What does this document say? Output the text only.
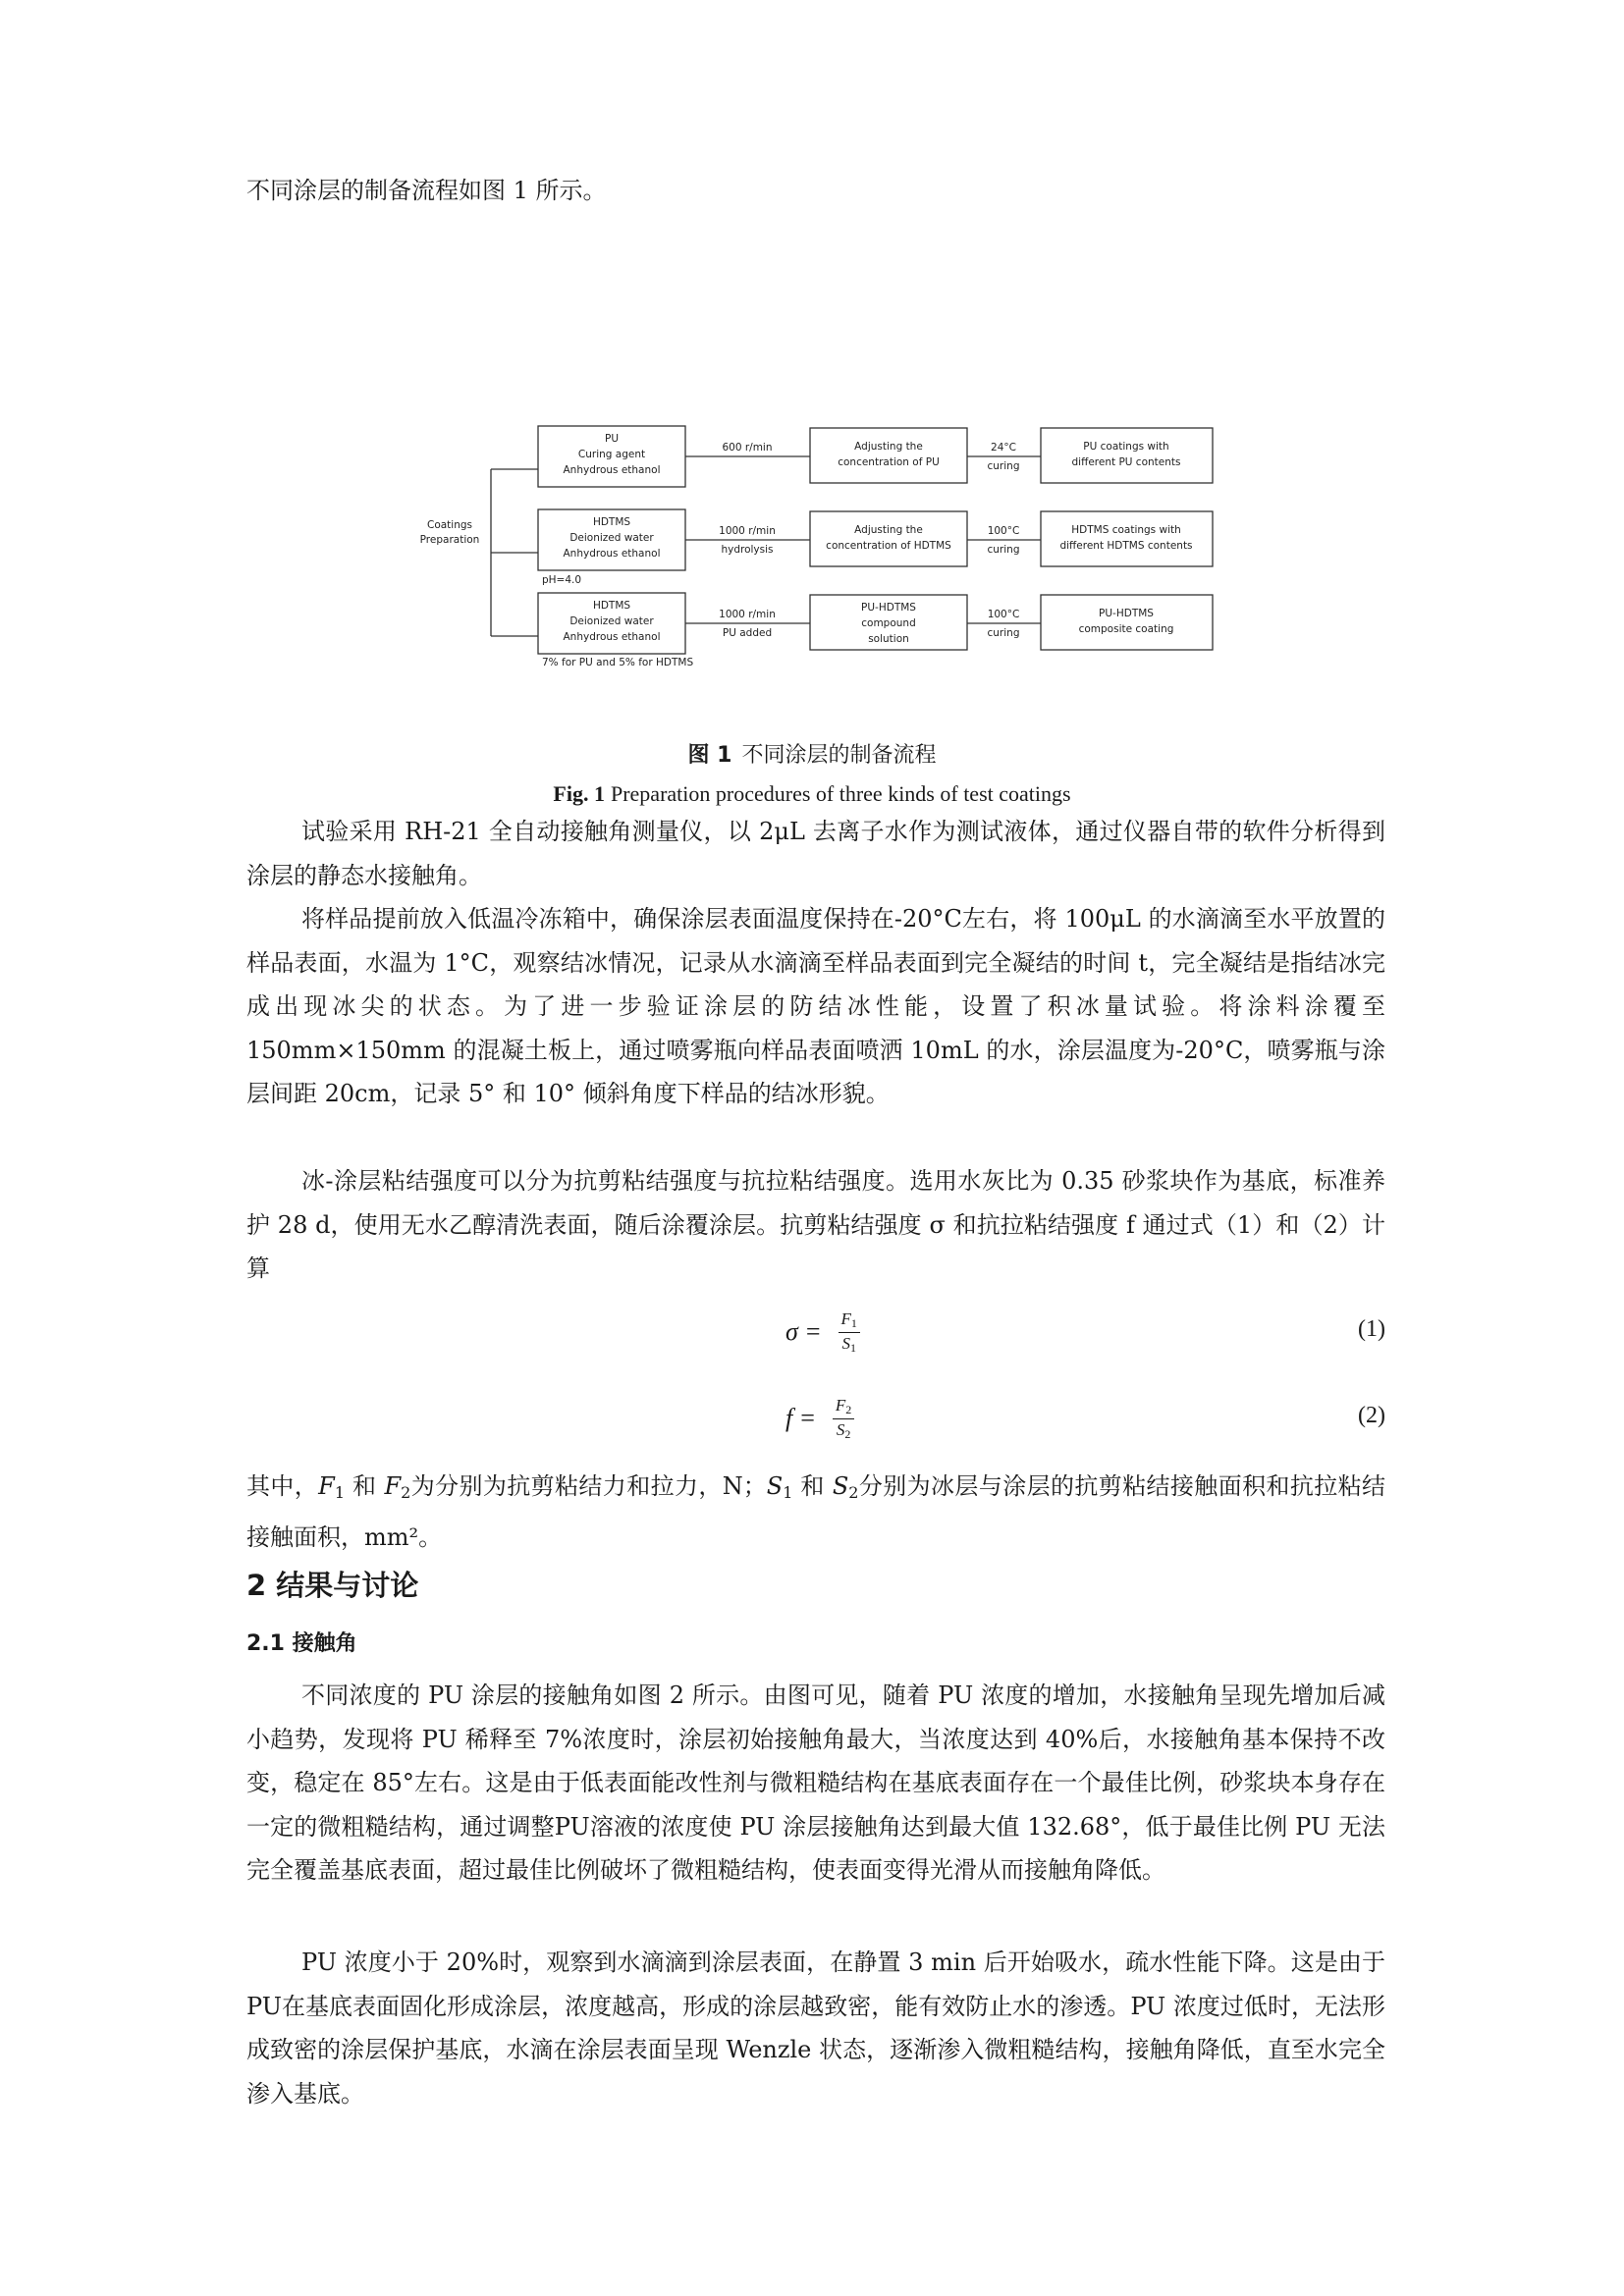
不同涂层的制备流程如图 1 所示。

Coatings
Preparation
PU
Curing agent
Anhydrous ethanol
600 r/min	Adjusting the
concentration of PU
24°C
curing
PU coatings with
different PU contents
HDTMS
Deionized water
Anhydrous ethanol
1000 r/min
hydrolysis
Adjusting the
concentration of HDTMS
100°C
curing
HDTMS coatings with
different HDTMS contents
pH=4.0
HDTMS
Deionized water
Anhydrous ethanol
1000 r/min
PU added
PU-HDTMS
compound
solution
100°C
curing
PU-HDTMS
composite coating
7% for PU and 5% for HDTMS
图 1 不同涂层的制备流程
Fig. 1 Preparation procedures of three kinds of test coatings

试验采用 RH-21 全自动接触角测量仪，以 2μL 去离子水作为测试液体，通过仪器自带的软件分析得到涂层的静态水接触角。

将样品提前放入低温冷冻箱中，确保涂层表面温度保持在-20°C左右，将 100μL 的水滴滴至水平放置的样品表面，水温为 1°C，观察结冰情况，记录从水滴滴至样品表面到完全凝结的时间 t，完全凝结是指结冰完成出现冰尖的状态。为了进一步验证涂层的防结冰性能，设置了积冰量试验。将涂料涂覆至 150mm×150mm 的混凝土板上，通过喷雾瓶向样品表面喷洒 10mL 的水，涂层温度为-20°C，喷雾瓶与涂层间距 20cm，记录 5° 和 10° 倾斜角度下样品的结冰形貌。

冰-涂层粘结强度可以分为抗剪粘结强度与抗拉粘结强度。选用水灰比为 0.35 砂浆块作为基底，标准养护 28 d，使用无水乙醇清洗表面，随后涂覆涂层。抗剪粘结强度 σ 和抗拉粘结强度 f 通过式（1）和（2）计算

$\sigma = \frac{F_1}{S_1}$	(1)
$f = \frac{F_2}{S_2}$	(2)

其中，F1 和 F2为分别为抗剪粘结力和拉力，N；S1 和 S2分别为冰层与涂层的抗剪粘结接触面积和抗拉粘结接触面积，mm²。

2 结果与讨论
2.1 接触角

不同浓度的 PU 涂层的接触角如图 2 所示。由图可见，随着 PU 浓度的增加，水接触角呈现先增加后减小趋势，发现将 PU 稀释至 7%浓度时，涂层初始接触角最大，当浓度达到 40%后，水接触角基本保持不改变，稳定在 85°左右。这是由于低表面能改性剂与微粗糙结构在基底表面存在一个最佳比例，砂浆块本身存在一定的微粗糙结构，通过调整PU溶液的浓度使 PU 涂层接触角达到最大值 132.68°，低于最佳比例 PU 无法完全覆盖基底表面，超过最佳比例破坏了微粗糙结构，使表面变得光滑从而接触角降低。

PU 浓度小于 20%时，观察到水滴滴到涂层表面，在静置 3 min 后开始吸水，疏水性能下降。这是由于PU在基底表面固化形成涂层，浓度越高，形成的涂层越致密，能有效防止水的渗透。PU 浓度过低时，无法形成致密的涂层保护基底，水滴在涂层表面呈现 Wenzle 状态，逐渐渗入微粗糙结构，接触角降低，直至水完全渗入基底。
